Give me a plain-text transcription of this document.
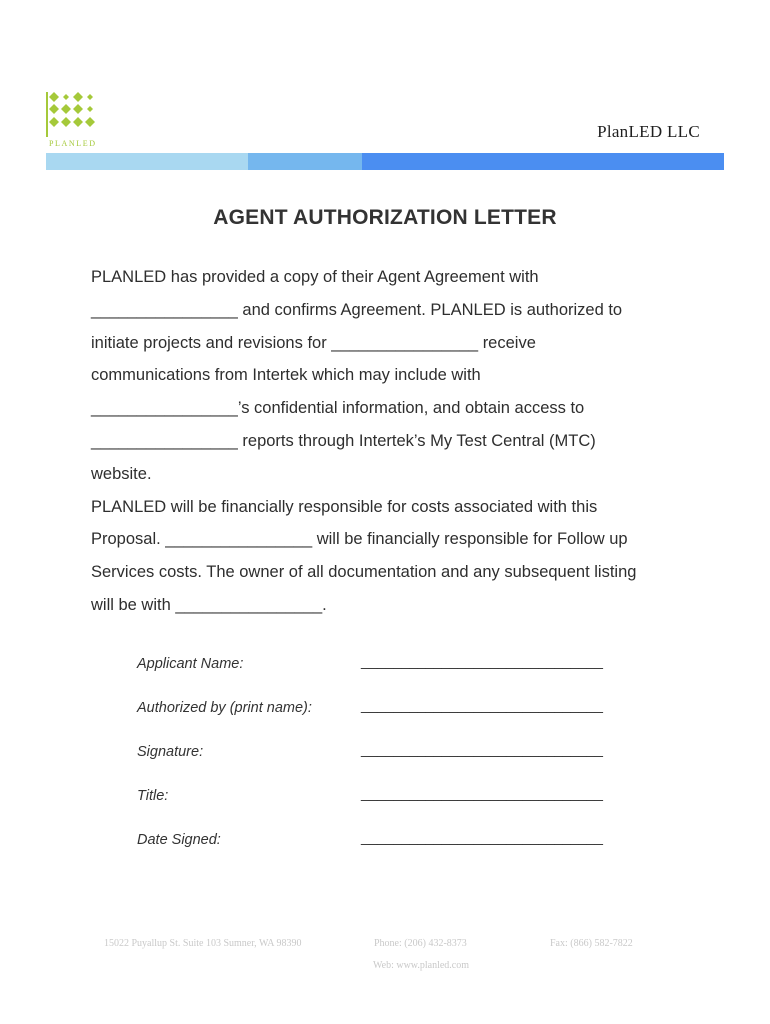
PLANLED
PlanLED LLC
AGENT AUTHORIZATION LETTER
PLANLED has provided a copy of their Agent Agreement with
________________ and confirms Agreement. PLANLED is authorized to
initiate projects and revisions for ________________ receive
communications from Intertek which may include with
________________’s confidential information, and obtain access to
________________ reports through Intertek’s My Test Central (MTC)
website.
PLANLED will be financially responsible for costs associated with this
Proposal. ________________ will be financially responsible for Follow up
Services costs. The owner of all documentation and any subsequent listing
will be with ________________.
Applicant Name:	______________________________
Authorized by (print name):	______________________________
Signature:	______________________________
Title:	______________________________
Date Signed:	______________________________
15022 Puyallup St. Suite 103 Sumner, WA 98390	Phone: (206) 432-8373	Fax: (866) 582-7822
Web: www.planled.com
